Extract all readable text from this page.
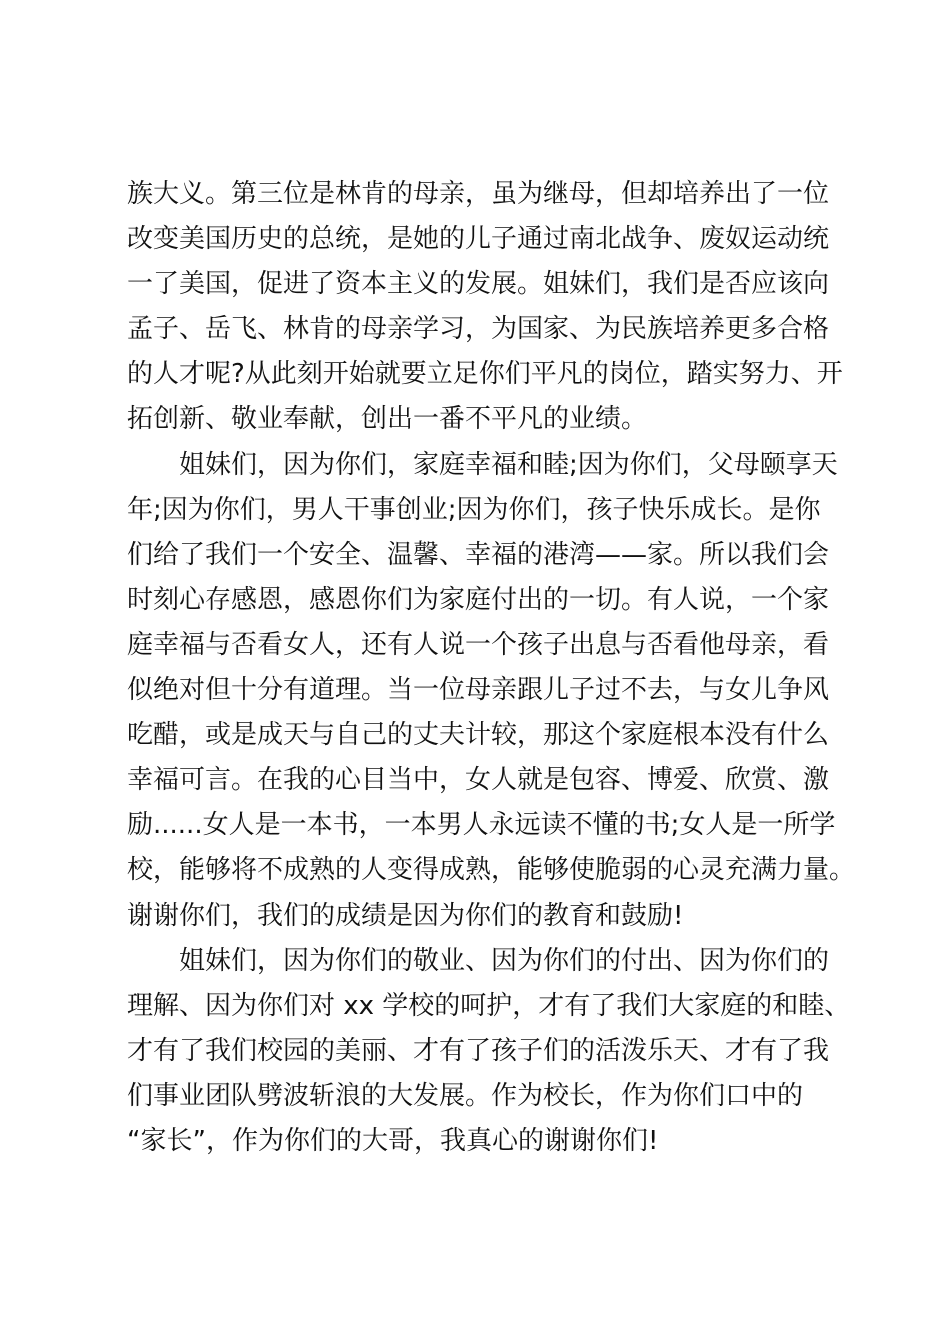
族大义。第三位是林肯的母亲，虽为继母，但却培养出了一位
改变美国历史的总统，是她的儿子通过南北战争、废奴运动统
一了美国，促进了资本主义的发展。姐妹们，我们是否应该向
孟子、岳飞、林肯的母亲学习，为国家、为民族培养更多合格
的人才呢?从此刻开始就要立足你们平凡的岗位，踏实努力、开
拓创新、敬业奉献，创出一番不平凡的业绩。
姐妹们，因为你们，家庭幸福和睦;因为你们，父母颐享天
年;因为你们，男人干事创业;因为你们，孩子快乐成长。是你
们给了我们一个安全、温馨、幸福的港湾——家。所以我们会
时刻心存感恩，感恩你们为家庭付出的一切。有人说，一个家
庭幸福与否看女人，还有人说一个孩子出息与否看他母亲，看
似绝对但十分有道理。当一位母亲跟儿子过不去，与女儿争风
吃醋，或是成天与自己的丈夫计较，那这个家庭根本没有什么
幸福可言。在我的心目当中，女人就是包容、博爱、欣赏、激
励......女人是一本书，一本男人永远读不懂的书;女人是一所学
校，能够将不成熟的人变得成熟，能够使脆弱的心灵充满力量。
谢谢你们，我们的成绩是因为你们的教育和鼓励!
姐妹们，因为你们的敬业、因为你们的付出、因为你们的
理解、因为你们对 xx 学校的呵护，才有了我们大家庭的和睦、
才有了我们校园的美丽、才有了孩子们的活泼乐天、才有了我
们事业团队劈波斩浪的大发展。作为校长，作为你们口中的
“家长”，作为你们的大哥，我真心的谢谢你们!
